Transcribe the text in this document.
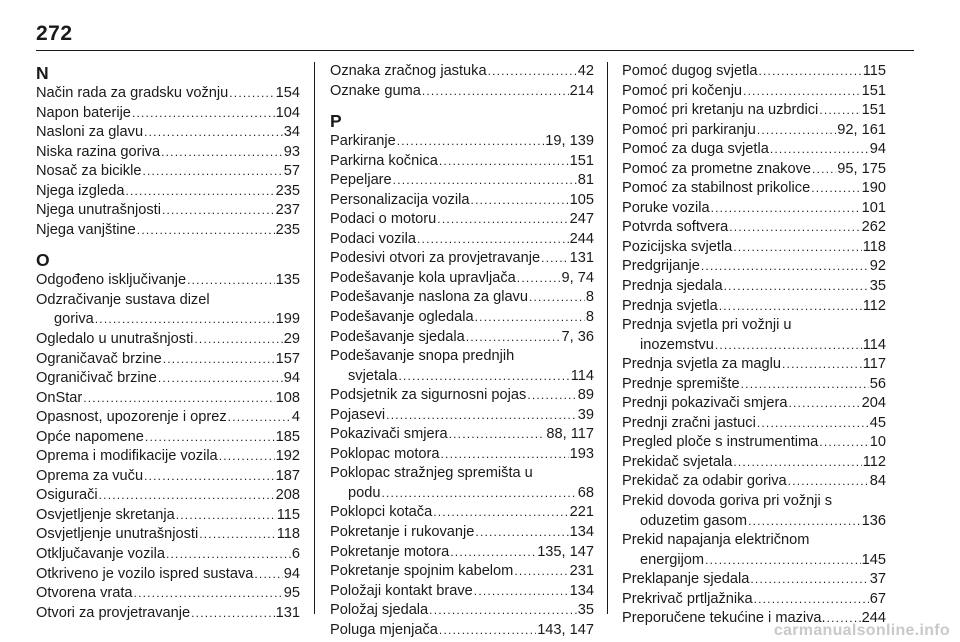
272
N
Način rada za gradsku vožnju .....	154
Napon baterije .....	104
Nasloni za glavu .....	34
Niska razina goriva .....	93
Nosač za bicikle .....	57
Njega izgleda .....	235
Njega unutrašnjosti .....	237
Njega vanjštine .....	235
O
Odgođeno isključivanje .....	135
Odzračivanje sustava dizel
goriva .....	199
Ogledalo u unutrašnjosti .....	29
Ograničavač brzine .....	157
Ograničivač brzine .....	94
OnStar .....	108
Opasnost, upozorenje i oprez .....	4
Opće napomene .....	185
Oprema i modifikacije vozila .....	192
Oprema za vuču .....	187
Osigurači .....	208
Osvjetljenje skretanja .....	115
Osvjetljenje unutrašnjosti .....	118
Otključavanje vozila .....	6
Otkriveno je vozilo ispred sustava ..... 94
Otvorena vrata .....	95
Otvori za provjetravanje .....	131
Oznaka zračnog jastuka .....	42
Oznake guma .....	214
P
Parkiranje .....	19, 139
Parkirna kočnica .....	151
Pepeljare .....	81
Personalizacija vozila .....	105
Podaci o motoru .....	247
Podaci vozila .....	244
Podesivi otvori za provjetravanje ..... 131
Podešavanje kola upravljača .....	9, 74
Podešavanje naslona za glavu .....	8
Podešavanje ogledala .....	8
Podešavanje sjedala .....	7, 36
Podešavanje snopa prednjih
svjetala .....	114
Podsjetnik za sigurnosni pojas .....	89
Pojasevi .....	39
Pokazivači smjera .....	88, 117
Poklopac motora .....	193
Poklopac stražnjeg spremišta u
podu .....	68
Poklopci kotača .....	221
Pokretanje i rukovanje .....	134
Pokretanje motora .....	135, 147
Pokretanje spojnim kabelom .....	231
Položaji kontakt brave .....	134
Položaj sjedala .....	35
Poluga mjenjača .....	143, 147
Pomoć dugog svjetla .....	115
Pomoć pri kočenju .....	151
Pomoć pri kretanju na uzbrdici .....	151
Pomoć pri parkiranju .....	92, 161
Pomoć za duga svjetla .....	94
Pomoć za prometne znakove ..... 95, 175
Pomoć za stabilnost prikolice .....	190
Poruke vozila .....	101
Potvrda softvera .....	262
Pozicijska svjetla .....	118
Predgrijanje .....	92
Prednja sjedala .....	35
Prednja svjetla .....	112
Prednja svjetla pri vožnji u
inozemstvu .....	114
Prednja svjetla za maglu .....	117
Prednje spremište .....	56
Prednji pokazivači smjera .....	204
Prednji zračni jastuci .....	45
Pregled ploče s instrumentima .....	10
Prekidač svjetala .....	112
Prekidač za odabir goriva .....	84
Prekid dovoda goriva pri vožnji s
oduzetim gasom .....	136
Prekid napajanja električnom
energijom .....	145
Preklapanje sjedala .....	37
Prekrivač prtljažnika .....	67
Preporučene tekućine i maziva. ..... 244
carmanualsonline.info
